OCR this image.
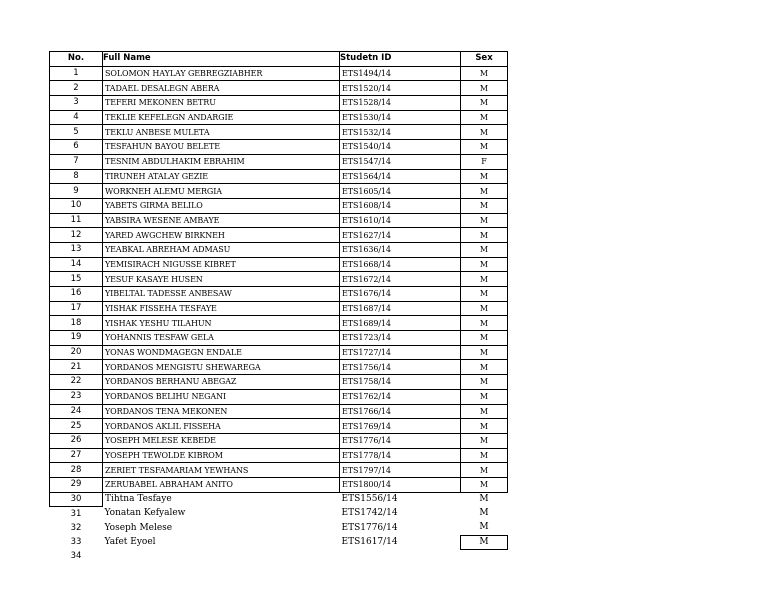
No.	Full Name	Studetn ID	Sex
1	SOLOMON HAYLAY GEBREGZIABHER	ETS1494/14	M
2	TADAEL DESALEGN ABERA	ETS1520/14	M
3	TEFERI MEKONEN BETRU	ETS1528/14	M
4	TEKLIE KEFELEGN ANDARGIE	ETS1530/14	M
5	TEKLU ANBESE MULETA	ETS1532/14	M
6	TESFAHUN BAYOU BELETE	ETS1540/14	M
7	TESNIM ABDULHAKIM EBRAHIM	ETS1547/14	F
8	TIRUNEH ATALAY GEZIE	ETS1564/14	M
9	WORKNEH ALEMU MERGIA	ETS1605/14	M
10	YABETS GIRMA BELILO	ETS1608/14	M
11	YABSIRA WESENE AMBAYE	ETS1610/14	M
12	YARED AWGCHEW BIRKNEH	ETS1627/14	M
13	YEABKAL ABREHAM ADMASU	ETS1636/14	M
14	YEMISIRACH NIGUSSE KIBRET	ETS1668/14	M
15	YESUF KASAYE HUSEN	ETS1672/14	M
16	YIBELTAL TADESSE ANBESAW	ETS1676/14	M
17	YISHAK FISSEHA TESFAYE	ETS1687/14	M
18	YISHAK YESHU TILAHUN	ETS1689/14	M
19	YOHANNIS TESFAW GELA	ETS1723/14	M
20	YONAS WONDMAGEGN ENDALE	ETS1727/14	M
21	YORDANOS MENGISTU SHEWAREGA	ETS1756/14	M
22	YORDANOS BERHANU ABEGAZ	ETS1758/14	M
23	YORDANOS BELIHU NEGANI	ETS1762/14	M
24	YORDANOS TENA MEKONEN	ETS1766/14	M
25	YORDANOS AKLIL FISSEHA	ETS1769/14	M
26	YOSEPH MELESE KEBEDE	ETS1776/14	M
27	YOSEPH TEWOLDE KIBROM	ETS1778/14	M
28	ZERIET TESFAMARIAM YEWHANS	ETS1797/14	M
29	ZERUBABEL ABRAHAM ANITO	ETS1800/14	M
30	Tihtna Tesfaye	ETS1556/14	M
31	Yonatan Kefyalew	ETS1742/14	M
32	Yoseph Melese	ETS1776/14	M
33	Yafet Eyoel	ETS1617/14	M
34			
